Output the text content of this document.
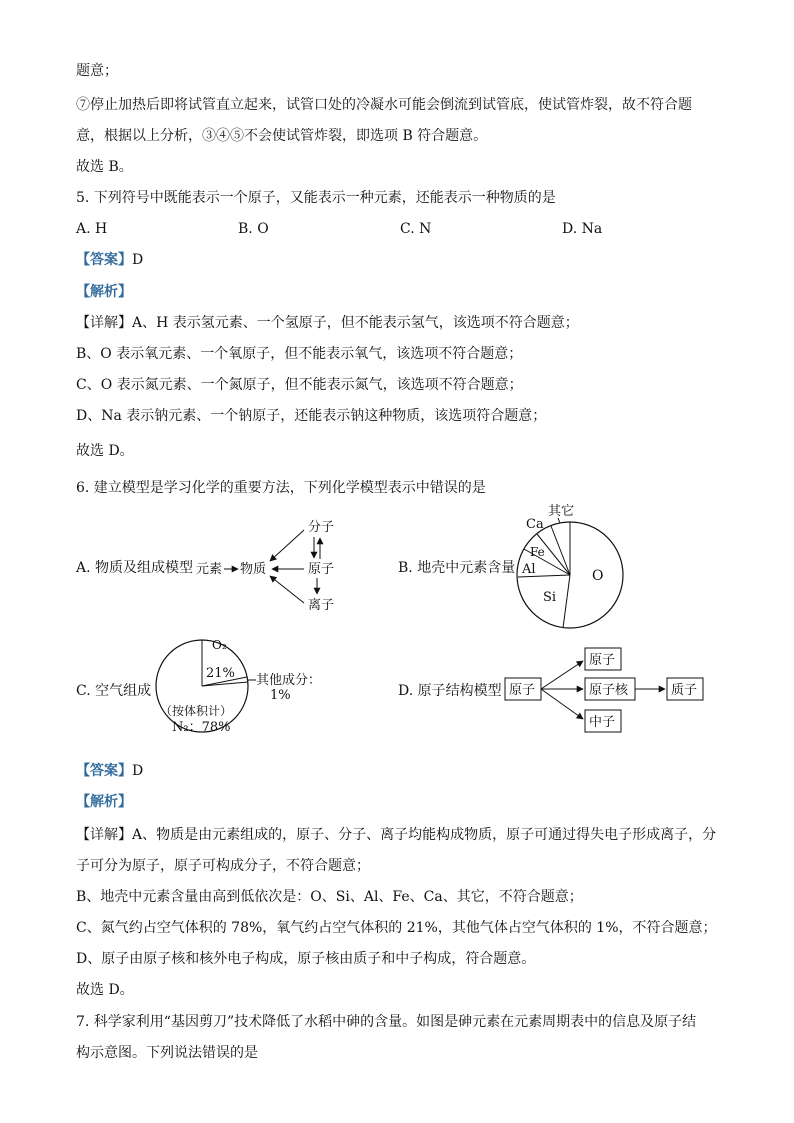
题意；
⑦停止加热后即将试管直立起来，试管口处的冷凝水可能会倒流到试管底，使试管炸裂，故不符合题
意，根据以上分析，③④⑤不会使试管炸裂，即选项 B 符合题意。
故选 B。
5. 下列符号中既能表示一个原子，又能表示一种元素，还能表示一种物质的是
A. H	B. O	C. N	D. Na
【答案】D
【解析】
【详解】A、H 表示氢元素、一个氢原子，但不能表示氢气，该选项不符合题意；
B、O 表示氧元素、一个氧原子，但不能表示氧气，该选项不符合题意；
C、O 表示氮元素、一个氮原子，但不能表示氮气，该选项不符合题意；
D、Na 表示钠元素、一个钠原子，还能表示钠这种物质，该选项符合题意；
故选 D。
6. 建立模型是学习化学的重要方法，下列化学模型表示中错误的是
A. 物质及组成模型	B. 地壳中元素含量
C. 空气组成	D. 原子结构模型
元素 物质
分子
原子
离子
O
Si
Al
Fe
Ca
其它
O₂
21% 其他成分：
1%
（按体积计）
N₂：78%
原子
原子
原子核
中子
质子
【答案】D
【解析】
【详解】A、物质是由元素组成的，原子、分子、离子均能构成物质，原子可通过得失电子形成离子，分
子可分为原子，原子可构成分子，不符合题意；
B、地壳中元素含量由高到低依次是：O、Si、Al、Fe、Ca、其它，不符合题意；
C、氮气约占空气体积的 78%，氧气约占空气体积的 21%，其他气体占空气体积的 1%，不符合题意；
D、原子由原子核和核外电子构成，原子核由质子和中子构成，符合题意。
故选 D。
7. 科学家利用“基因剪刀”技术降低了水稻中砷的含量。如图是砷元素在元素周期表中的信息及原子结
构示意图。下列说法错误的是
